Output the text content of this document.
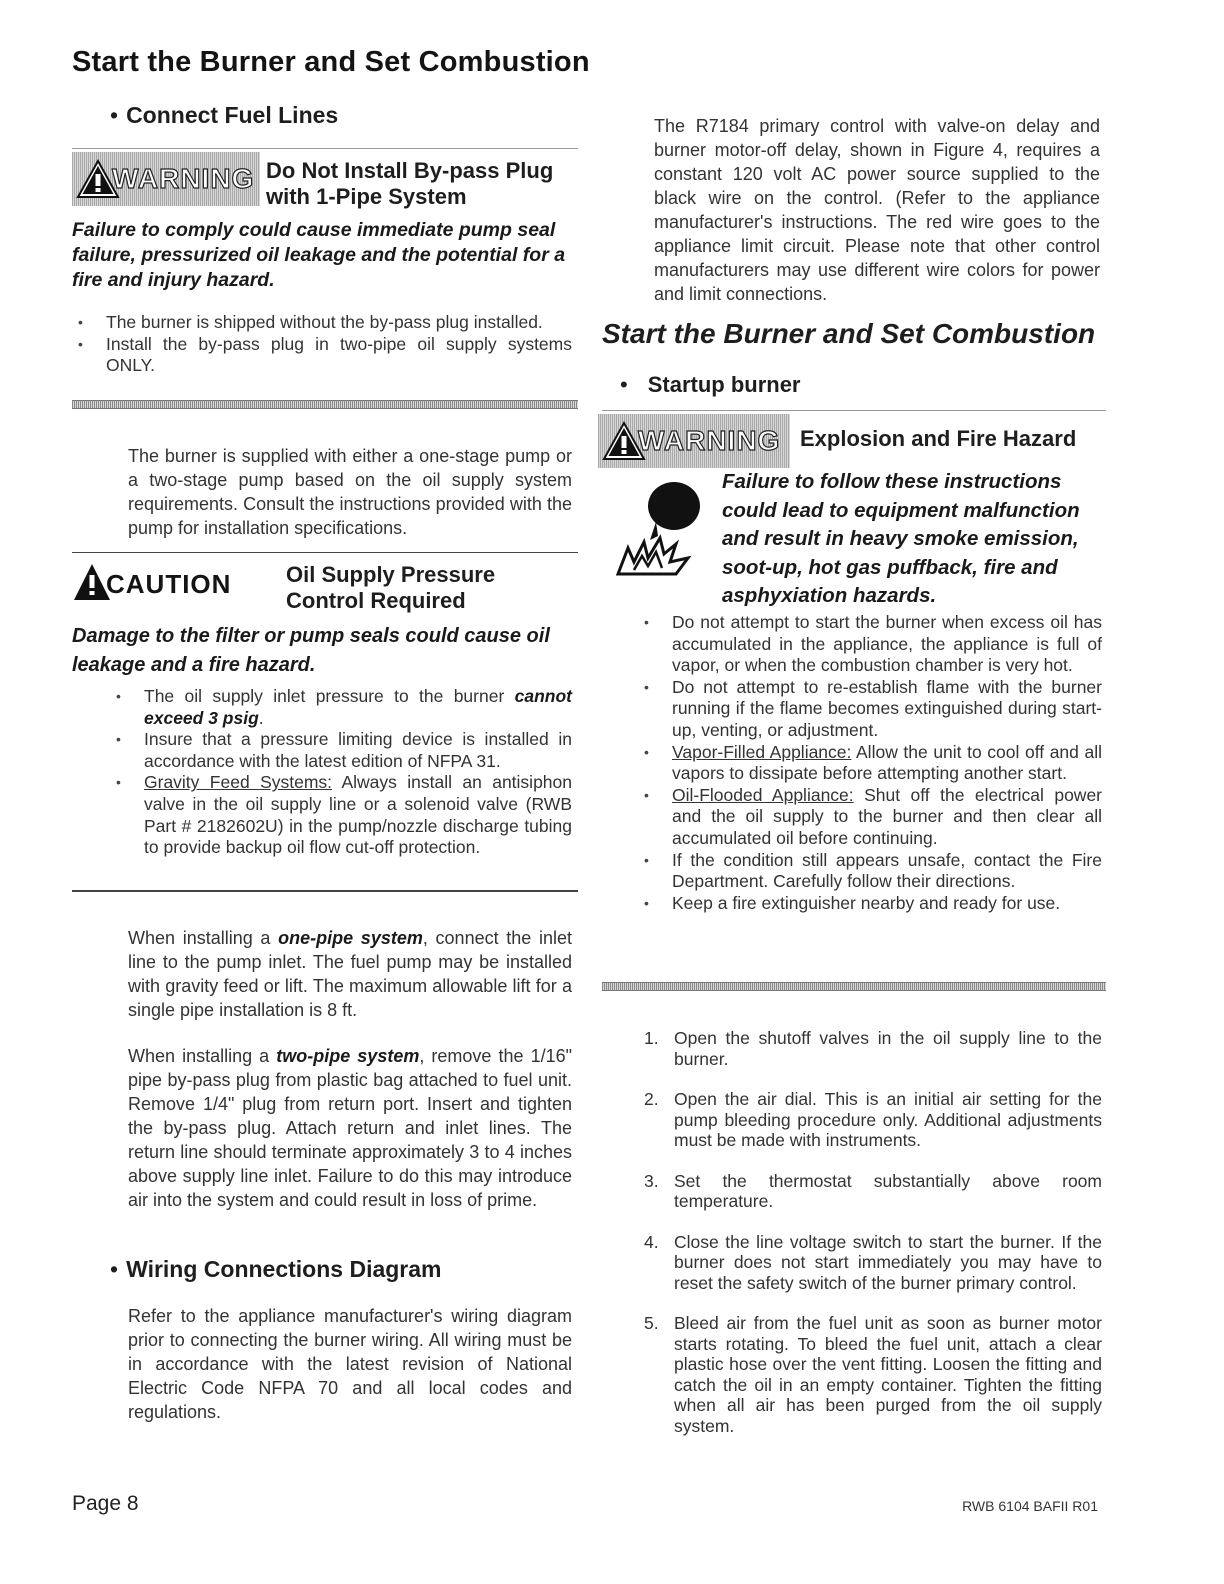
Start the Burner and Set Combustion
• Connect Fuel Lines
WARNING Do Not Install By-pass Plug
with 1-Pipe System
Failure to comply could cause immediate pump seal failure, pressurized oil leakage and the potential for a fire and injury hazard.
• The burner is shipped without the by-pass plug installed.
• Install the by-pass plug in two-pipe oil supply systems ONLY.

The burner is supplied with either a one-stage pump or a two-stage pump based on the oil supply system requirements. Consult the instructions provided with the pump for installation specifications.

CAUTION Oil Supply Pressure
Control Required
Damage to the filter or pump seals could cause oil leakage and a fire hazard.
• The oil supply inlet pressure to the burner cannot exceed 3 psig.
• Insure that a pressure limiting device is installed in accordance with the latest edition of NFPA 31.
• Gravity Feed Systems: Always install an antisiphon valve in the oil supply line or a solenoid valve (RWB Part # 2182602U) in the pump/nozzle discharge tubing to provide backup oil flow cut-off protection.

When installing a one-pipe system, connect the inlet line to the pump inlet. The fuel pump may be installed with gravity feed or lift. The maximum allowable lift for a single pipe installation is 8 ft.

When installing a two-pipe system, remove the 1/16" pipe by-pass plug from plastic bag attached to fuel unit. Remove 1/4" plug from return port. Insert and tighten the by-pass plug. Attach return and inlet lines. The return line should terminate approximately 3 to 4 inches above supply line inlet. Failure to do this may introduce air into the system and could result in loss of prime.

• Wiring Connections Diagram

Refer to the appliance manufacturer's wiring diagram prior to connecting the burner wiring. All wiring must be in accordance with the latest revision of National Electric Code NFPA 70 and all local codes and regulations.

The R7184 primary control with valve-on delay and burner motor-off delay, shown in Figure 4, requires a constant 120 volt AC power source supplied to the black wire on the control. (Refer to the appliance manufacturer's instructions. The red wire goes to the appliance limit circuit. Please note that other control manufacturers may use different wire colors for power and limit connections.

Start the Burner and Set Combustion
• Startup burner
WARNING Explosion and Fire Hazard
Failure to follow these instructions could lead to equipment malfunction and result in heavy smoke emission, soot-up, hot gas puffback, fire and asphyxiation hazards.
• Do not attempt to start the burner when excess oil has accumulated in the appliance, the appliance is full of vapor, or when the combustion chamber is very hot.
• Do not attempt to re-establish flame with the burner running if the flame becomes extinguished during start-up, venting, or adjustment.
• Vapor-Filled Appliance: Allow the unit to cool off and all vapors to dissipate before attempting another start.
• Oil-Flooded Appliance: Shut off the electrical power and the oil supply to the burner and then clear all accumulated oil before continuing.
• If the condition still appears unsafe, contact the Fire Department. Carefully follow their directions.
• Keep a fire extinguisher nearby and ready for use.
1. Open the shutoff valves in the oil supply line to the burner.
2. Open the air dial. This is an initial air setting for the pump bleeding procedure only. Additional adjustments must be made with instruments.
3. Set the thermostat substantially above room temperature.
4. Close the line voltage switch to start the burner. If the burner does not start immediately you may have to reset the safety switch of the burner primary control.
5. Bleed air from the fuel unit as soon as burner motor starts rotating. To bleed the fuel unit, attach a clear plastic hose over the vent fitting. Loosen the fitting and catch the oil in an empty container. Tighten the fitting when all air has been purged from the oil supply system.
Page 8	RWB 6104 BAFII R01
